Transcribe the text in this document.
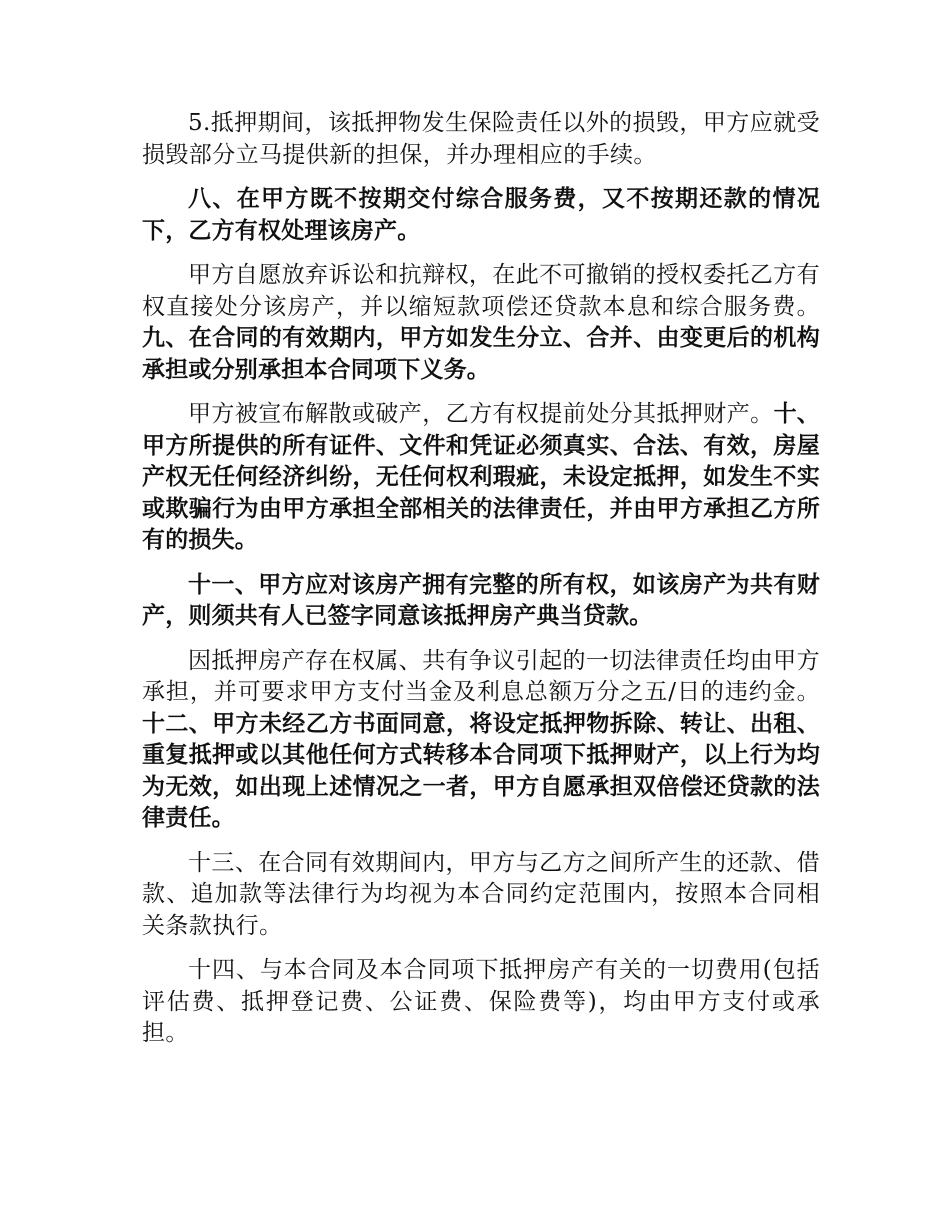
5.抵押期间，该抵押物发生保险责任以外的损毁，甲方应就受损毁部分立马提供新的担保，并办理相应的手续。

八、在甲方既不按期交付综合服务费，又不按期还款的情况下，乙方有权处理该房产。

甲方自愿放弃诉讼和抗辩权，在此不可撤销的授权委托乙方有权直接处分该房产，并以缩短款项偿还贷款本息和综合服务费。九、在合同的有效期内，甲方如发生分立、合并、由变更后的机构承担或分别承担本合同项下义务。

甲方被宣布解散或破产，乙方有权提前处分其抵押财产。十、甲方所提供的所有证件、文件和凭证必须真实、合法、有效，房屋产权无任何经济纠纷，无任何权利瑕疵，未设定抵押，如发生不实或欺骗行为由甲方承担全部相关的法律责任，并由甲方承担乙方所有的损失。

十一、甲方应对该房产拥有完整的所有权，如该房产为共有财产，则须共有人已签字同意该抵押房产典当贷款。

因抵押房产存在权属、共有争议引起的一切法律责任均由甲方承担，并可要求甲方支付当金及利息总额万分之五/日的违约金。十二、甲方未经乙方书面同意，将设定抵押物拆除、转让、出租、重复抵押或以其他任何方式转移本合同项下抵押财产，以上行为均为无效，如出现上述情况之一者，甲方自愿承担双倍偿还贷款的法律责任。

十三、在合同有效期间内，甲方与乙方之间所产生的还款、借款、追加款等法律行为均视为本合同约定范围内，按照本合同相关条款执行。

十四、与本合同及本合同项下抵押房产有关的一切费用(包括评估费、抵押登记费、公证费、保险费等)，均由甲方支付或承担。
